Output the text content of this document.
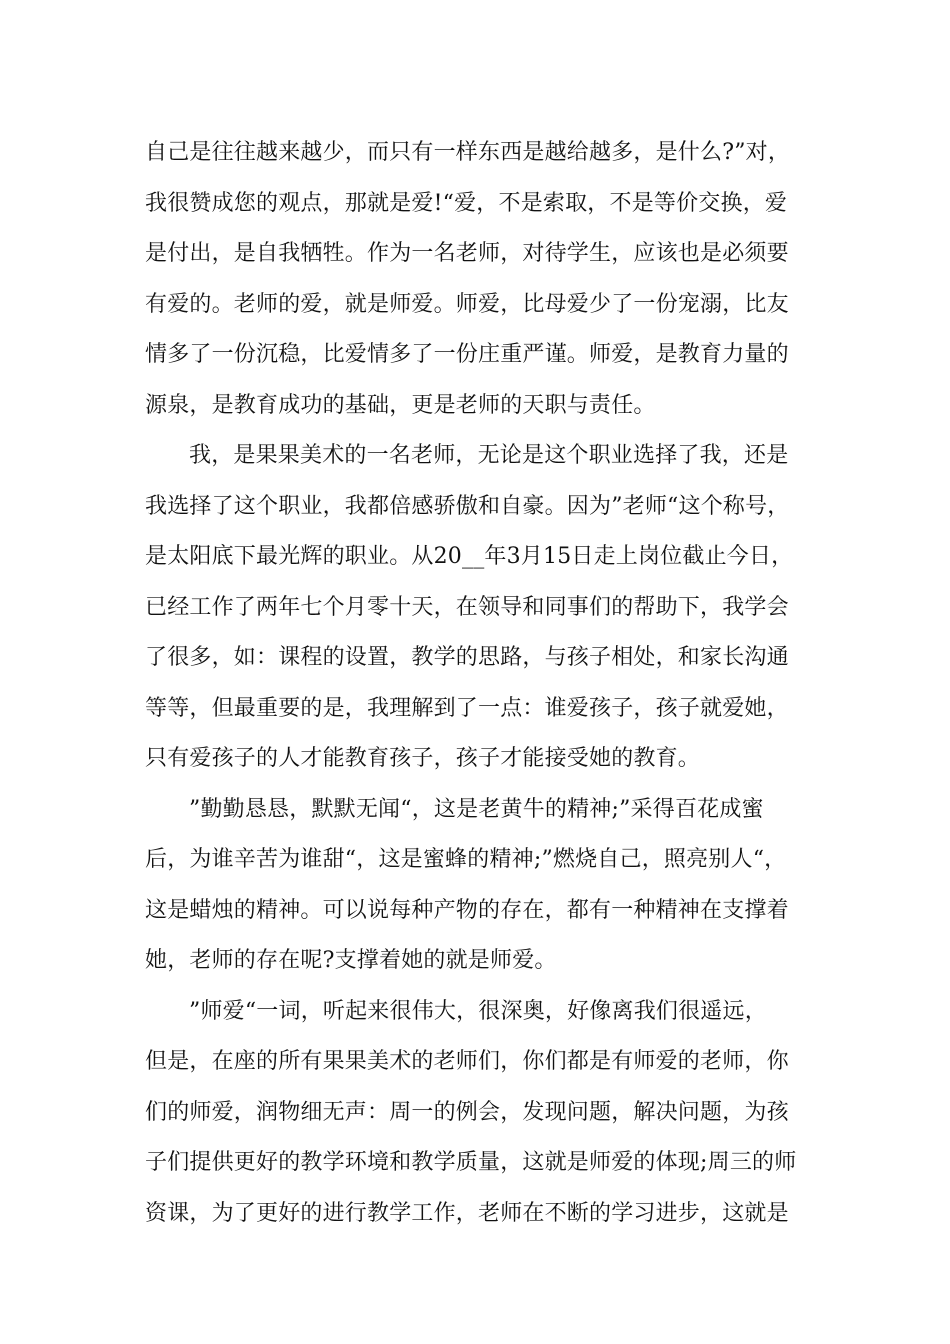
自己是往往越来越少，而只有一样东西是越给越多，是什么?”对，
我很赞成您的观点，那就是爱!“爱，不是索取，不是等价交换，爱
是付出，是自我牺牲。作为一名老师，对待学生，应该也是必须要
有爱的。老师的爱，就是师爱。师爱，比母爱少了一份宠溺，比友
情多了一份沉稳，比爱情多了一份庄重严谨。师爱，是教育力量的
源泉，是教育成功的基础，更是老师的天职与责任。
我，是果果美术的一名老师，无论是这个职业选择了我，还是
我选择了这个职业，我都倍感骄傲和自豪。因为”老师“这个称号，
是太阳底下最光辉的职业。从20__年3月15日走上岗位截止今日，
已经工作了两年七个月零十天，在领导和同事们的帮助下，我学会
了很多，如：课程的设置，教学的思路，与孩子相处，和家长沟通
等等，但最重要的是，我理解到了一点：谁爱孩子，孩子就爱她，
只有爱孩子的人才能教育孩子，孩子才能接受她的教育。
”勤勤恳恳，默默无闻“，这是老黄牛的精神;”采得百花成蜜
后，为谁辛苦为谁甜“，这是蜜蜂的精神;”燃烧自己，照亮别人“，
这是蜡烛的精神。可以说每种产物的存在，都有一种精神在支撑着
她，老师的存在呢?支撑着她的就是师爱。
”师爱“一词，听起来很伟大，很深奥，好像离我们很遥远，
但是，在座的所有果果美术的老师们，你们都是有师爱的老师，你
们的师爱，润物细无声：周一的例会，发现问题，解决问题，为孩
子们提供更好的教学环境和教学质量，这就是师爱的体现;周三的师
资课，为了更好的进行教学工作，老师在不断的学习进步，这就是
